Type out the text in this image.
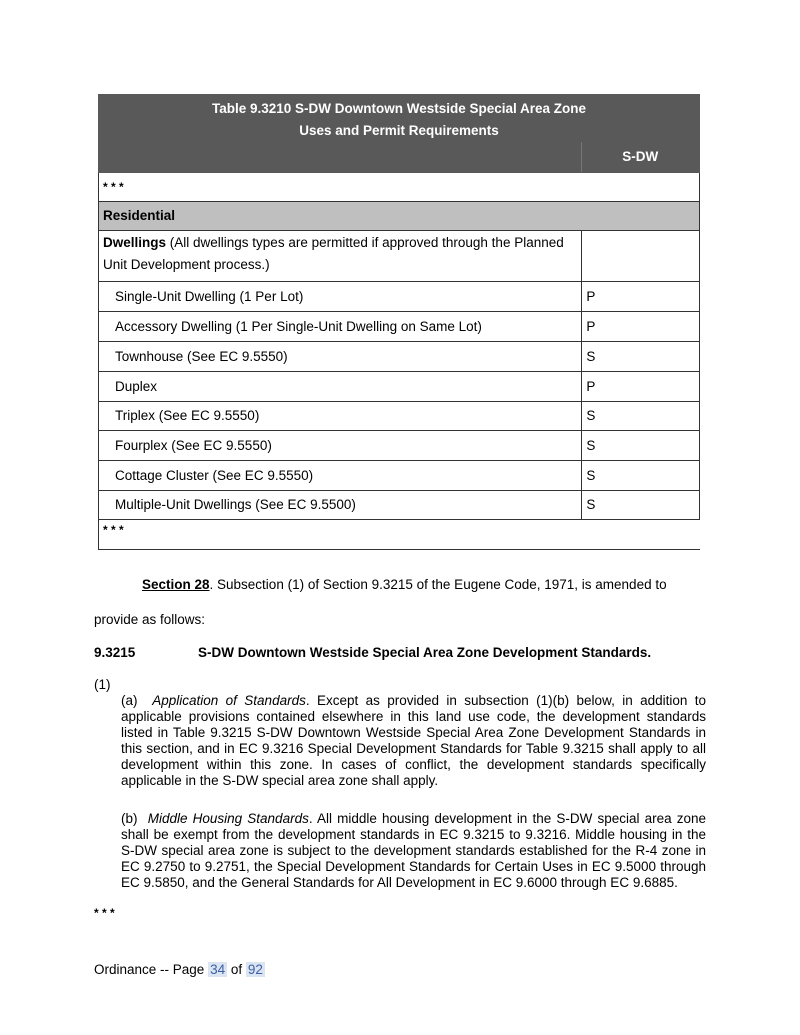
Table 9.3210 S-DW Downtown Westside Special Area Zone
Uses and Permit Requirements
S-DW
* * *
Residential
Dwellings (All dwellings types are permitted if approved through the Planned Unit Development process.)
Single-Unit Dwelling (1 Per Lot)	P
Accessory Dwelling (1 Per Single-Unit Dwelling on Same Lot)	P
Townhouse (See EC 9.5550)	S
Duplex	P
Triplex (See EC 9.5550)	S
Fourplex (See EC 9.5550)	S
Cottage Cluster (See EC 9.5550)	S
Multiple-Unit Dwellings (See EC 9.5500)	S
* * *
Section 28. Subsection (1) of Section 9.3215 of the Eugene Code, 1971, is amended to
provide as follows:
9.3215	S-DW Downtown Westside Special Area Zone Development Standards.
(1)
(a) Application of Standards. Except as provided in subsection (1)(b) below, in addition to applicable provisions contained elsewhere in this land use code, the development standards listed in Table 9.3215 S-DW Downtown Westside Special Area Zone Development Standards in this section, and in EC 9.3216 Special Development Standards for Table 9.3215 shall apply to all development within this zone. In cases of conflict, the development standards specifically applicable in the S-DW special area zone shall apply.
(b) Middle Housing Standards. All middle housing development in the S-DW special area zone shall be exempt from the development standards in EC 9.3215 to 9.3216. Middle housing in the S-DW special area zone is subject to the development standards established for the R-4 zone in EC 9.2750 to 9.2751, the Special Development Standards for Certain Uses in EC 9.5000 through EC 9.5850, and the General Standards for All Development in EC 9.6000 through EC 9.6885.
* * *
Ordinance -- Page 34 of 92
